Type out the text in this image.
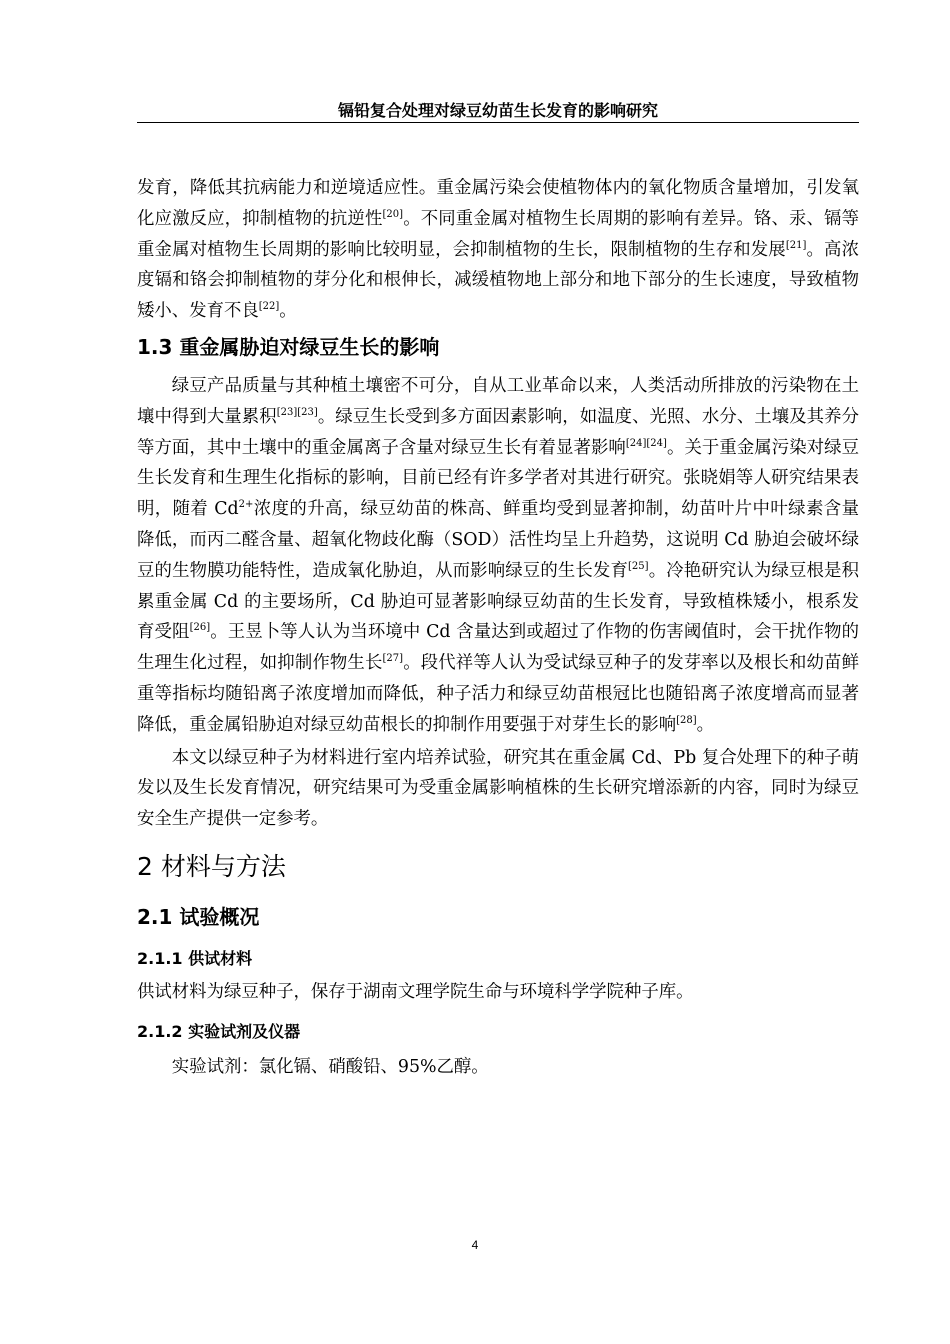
镉铅复合处理对绿豆幼苗生长发育的影响研究

发育，降低其抗病能力和逆境适应性。重金属污染会使植物体内的氧化物质含量增加，引发氧化应激反应，抑制植物的抗逆性[20]。不同重金属对植物生长周期的影响有差异。铬、汞、镉等重金属对植物生长周期的影响比较明显，会抑制植物的生长，限制植物的生存和发展[21]。高浓度镉和铬会抑制植物的芽分化和根伸长，减缓植物地上部分和地下部分的生长速度，导致植物矮小、发育不良[22]。

1.3 重金属胁迫对绿豆生长的影响

绿豆产品质量与其种植土壤密不可分，自从工业革命以来，人类活动所排放的污染物在土壤中得到大量累积[23][23]。绿豆生长受到多方面因素影响，如温度、光照、水分、土壤及其养分等方面，其中土壤中的重金属离子含量对绿豆生长有着显著影响[24][24]。关于重金属污染对绿豆生长发育和生理生化指标的影响，目前已经有许多学者对其进行研究。张晓娟等人研究结果表明，随着 $Cd^{2+}$浓度的升高，绿豆幼苗的株高、鲜重均受到显著抑制，幼苗叶片中叶绿素含量降低，而丙二醛含量、超氧化物歧化酶（SOD）活性均呈上升趋势，这说明 Cd 胁迫会破坏绿豆的生物膜功能特性，造成氧化胁迫，从而影响绿豆的生长发育[25]。冷艳研究认为绿豆根是积累重金属 Cd 的主要场所，Cd 胁迫可显著影响绿豆幼苗的生长发育，导致植株矮小，根系发育受阻[26]。王昱卜等人认为当环境中 Cd 含量达到或超过了作物的伤害阈值时，会干扰作物的生理生化过程，如抑制作物生长[27]。段代祥等人认为受试绿豆种子的发芽率以及根长和幼苗鲜重等指标均随铅离子浓度增加而降低，种子活力和绿豆幼苗根冠比也随铅离子浓度增高而显著降低，重金属铅胁迫对绿豆幼苗根长的抑制作用要强于对芽生长的影响[28]。

本文以绿豆种子为材料进行室内培养试验，研究其在重金属 Cd、Pb 复合处理下的种子萌发以及生长发育情况，研究结果可为受重金属影响植株的生长研究增添新的内容，同时为绿豆安全生产提供一定参考。

2 材料与方法
2.1 试验概况
2.1.1 供试材料

供试材料为绿豆种子，保存于湖南文理学院生命与环境科学学院种子库。

2.1.2 实验试剂及仪器

实验试剂：氯化镉、硝酸铅、95%乙醇。

4
